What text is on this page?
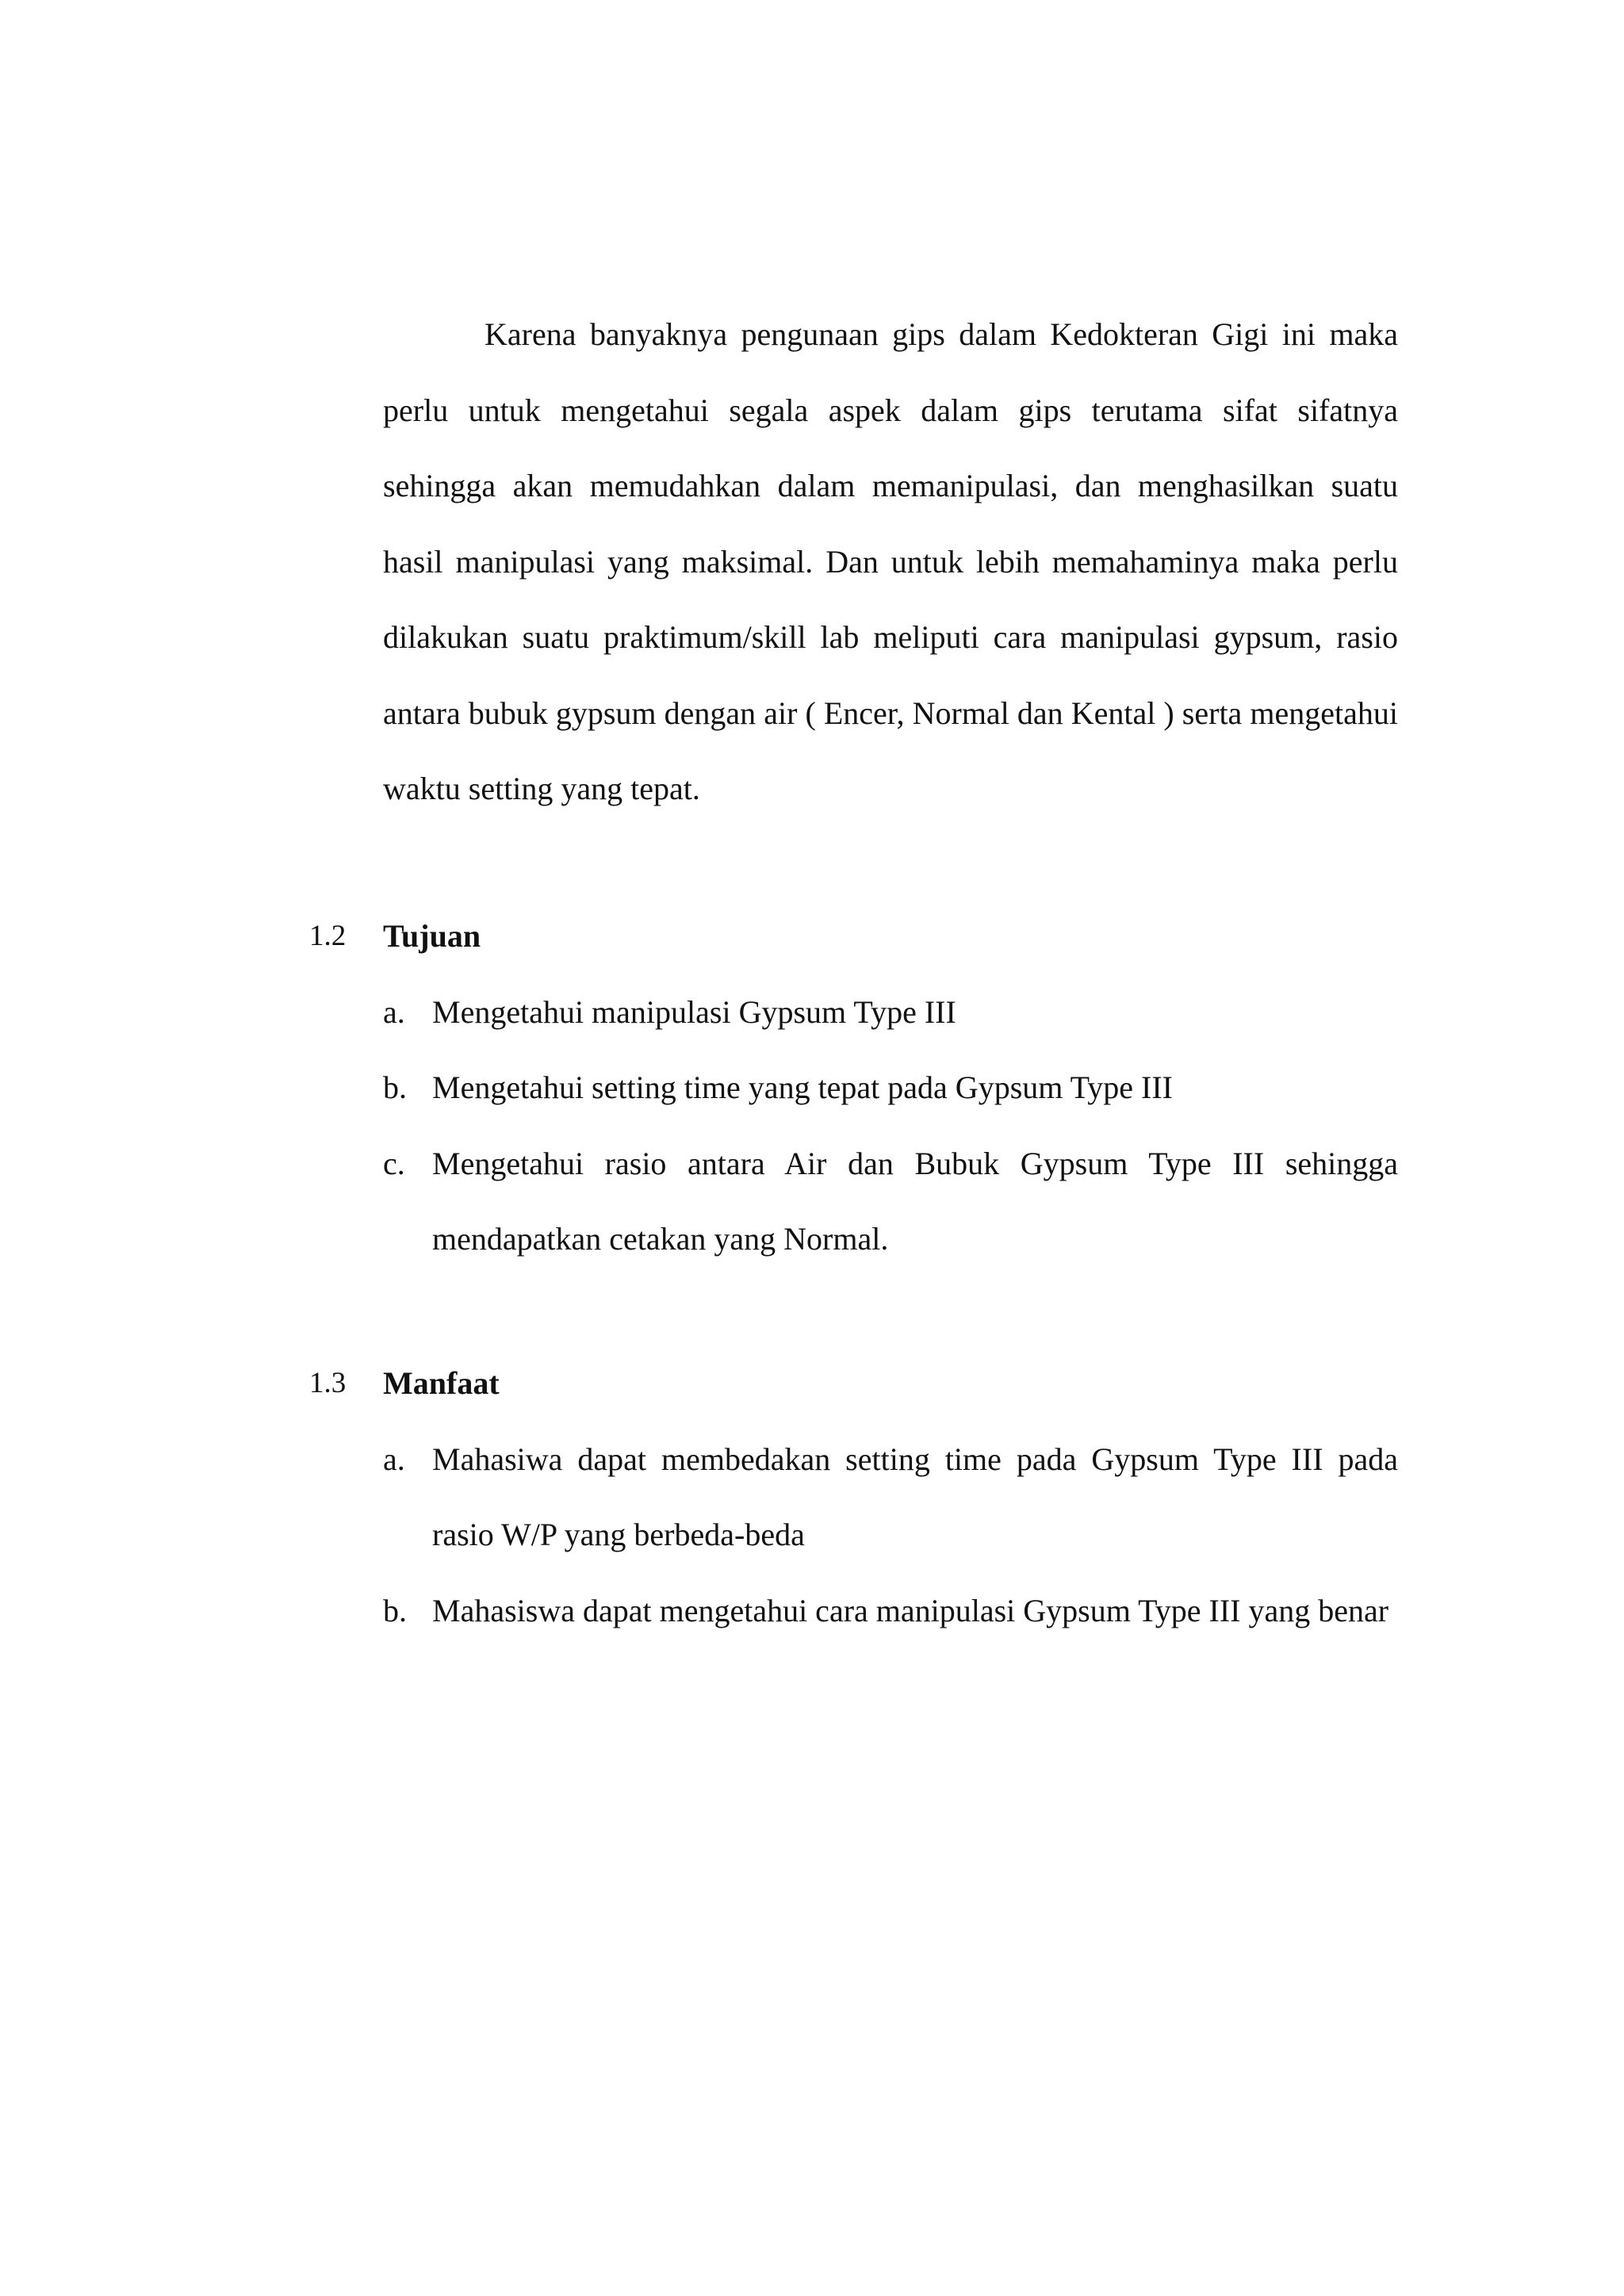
Karena banyaknya pengunaan gips dalam Kedokteran Gigi ini maka perlu untuk mengetahui segala aspek dalam gips terutama sifat sifatnya sehingga akan memudahkan dalam memanipulasi, dan menghasilkan suatu hasil manipulasi yang maksimal. Dan untuk lebih memahaminya maka perlu dilakukan suatu praktimum/skill lab meliputi cara manipulasi gypsum, rasio antara bubuk gypsum dengan air ( Encer, Normal dan Kental ) serta mengetahui waktu setting yang tepat.

1.2	Tujuan
a. Mengetahui manipulasi Gypsum Type III
b. Mengetahui setting time yang tepat pada Gypsum Type III
c. Mengetahui rasio antara Air dan Bubuk Gypsum Type III sehingga mendapatkan cetakan yang Normal.
1.3	Manfaat
a. Mahasiwa dapat membedakan setting time pada Gypsum Type III pada rasio W/P yang berbeda-beda
b. Mahasiswa dapat mengetahui cara manipulasi Gypsum Type III yang benar
